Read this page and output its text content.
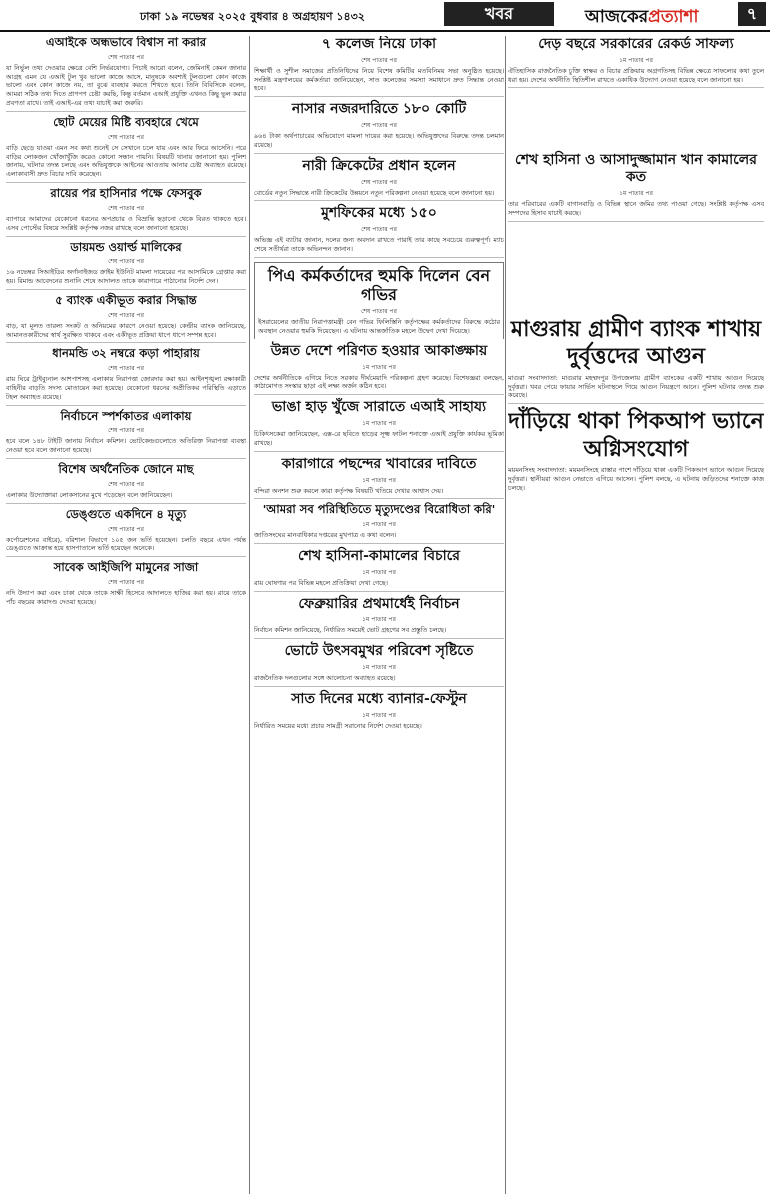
ঢাকা ১৯ নভেম্বর ২০২৫ বুধবার ৪ অগ্রহায়ণ ১৪৩২	খবর	আজকেরপ্রত্যাশা	৭
এআইকে অন্ধভাবে বিশ্বাস না করার

শেষ পাতার পর

যা নির্ভুল তথ্য দেওয়ার ক্ষেত্রে বেশি নির্ভরযোগ্য। পিচাই আরো বলেন, জেমিনাই কেমন জানার আগ্রহ এমন যে এআই টুল খুব ভালো কাজে আসে, মানুষকে অবশ্যই টুলগুলো কোন কাজে ভালো এবং কোন কাজে নয়, তা বুঝে ব্যবহার করতে শিখতে হবে। তিনি বিবিসিকে বলেন, আমরা সঠিক তথ্য দিতে প্রাণপণ চেষ্টা করছি, কিন্তু বর্তমান এআই প্রযুক্তি এখনও কিছু ভুল করার প্রবণতা রাখে। তাই এআই-এর তথ্য যাচাই করা জরুরি।

ছোট মেয়ের মিষ্টি ব্যবহারে খেমে

শেষ পাতার পর

বাড়ি ছেড়ে যাওয়া এমন সব কথা শুনেই সে সেখানে চলে যায় এবং আর ফিরে আসেনি। পরে বাড়ির লোকজন খোঁজাখুঁজি করেও কোনো সন্ধান পায়নি। বিষয়টি থানায় জানানো হয়। পুলিশ জানায়, ঘটনার তদন্ত চলছে এবং অভিযুক্তকে আইনের আওতায় আনার চেষ্টা অব্যাহত রয়েছে। এলাকাবাসী দ্রুত বিচার দাবি করেছেন।

রায়ের পর হাসিনার পক্ষে ফেসবুক

শেষ পাতার পর

ব্যাপারে আমাদের যেকোনো ধরনের অপপ্রচার ও বিভ্রান্তি ছড়ানো থেকে বিরত থাকতে হবে। এসব পোস্টের বিষয়ে সংশ্লিষ্ট কর্তৃপক্ষ নজর রাখছে বলে জানানো হয়েছে।

ডায়মন্ড ওয়ার্ল্ড মালিকের

শেষ পাতার পর

১৬ নভেম্বর সিআইডির অর্গানাইজড ক্রাইম ইউনিট মামলা দায়েরের পর আসামিকে গ্রেপ্তার করা হয়। রিমান্ড আবেদনের শুনানি শেষে আদালত তাকে কারাগারে পাঠানোর নির্দেশ দেন।

৫ ব্যাংক একীভূত করার সিদ্ধান্ত

শেষ পাতার পর

বাড়, যা মূলত তারল্য সংকট ও অনিয়মের কারণে নেওয়া হয়েছে। কেন্দ্রীয় ব্যাংক জানিয়েছে, আমানতকারীদের স্বার্থ সুরক্ষিত থাকবে এবং একীভূত প্রক্রিয়া ধাপে ধাপে সম্পন্ন হবে।

ধানমন্ডি ৩২ নম্বরে কড়া পাহারায়

শেষ পাতার পর

রায় ঘিরে ট্রাইব্যুনাল আশপাশসহ এলাকায় নিরাপত্তা জোরদার করা হয়। আইনশৃঙ্খলা রক্ষাকারী বাহিনীর বাড়তি সদস্য মোতায়েন করা হয়েছে। যেকোনো ধরনের অপ্রীতিকর পরিস্থিতি এড়াতে টহল অব্যাহত রয়েছে।

নির্বাচনে স্পর্শকাতর এলাকায়

শেষ পাতার পর

হবে বলে ১৪৮ টাইটি জানায় নির্বাচন কমিশন। ভোটকেন্দ্রগুলোতে অতিরিক্ত নিরাপত্তা ব্যবস্থা নেওয়া হবে বলে জানানো হয়েছে।

বিশেষ অর্থনৈতিক জোনে মাছ

শেষ পাতার পর

এলাকার উদ্যোক্তারা লোকসানের মুখে পড়েছেন বলে জানিয়েছেন।

ডেঙ্গুতে একদিনে ৪ মৃত্যু

শেষ পাতার পর

কর্পোরেশনের বাইরে), বরিশাল বিভাগে ১০৫ জন ভর্তি হয়েছেন। চলতি বছরে এখন পর্যন্ত ডেঙ্গুতে আক্রান্ত হয়ে হাসপাতালে ভর্তি হয়েছেন অনেকে।

সাবেক আইজিপি মামুনের সাজা

শেষ পাতার পর

নদি উদ্যাপ করা এবং চাকা থেকে তাকে সাক্ষী হিসেবে আদালতে হাজির করা হয়। রায়ে তাকে পাঁচ বছরের কারাদণ্ড দেওয়া হয়েছে।

৭ কলেজ নিয়ে ঢাকা

শেষ পাতার পর

শিক্ষার্থী ও সুশীল সমাজের প্রতিনিধিদের নিয়ে বিশেষ কমিটির মতবিনিময় সভা অনুষ্ঠিত হয়েছে। সংশ্লিষ্ট মন্ত্রণালয়ের কর্মকর্তারা জানিয়েছেন, সাত কলেজের সমস্যা সমাধানে দ্রুত সিদ্ধান্ত নেওয়া হবে।

নাসার নজরদারিতে ১৮০ কোটি

শেষ পাতার পর

৯৬৪ টাকা অর্থপাচারের অভিযোগে মামলা দায়ের করা হয়েছে। অভিযুক্তদের বিরুদ্ধে তদন্ত চলমান রয়েছে।

নারী ক্রিকেটের প্রধান হলেন

শেষ পাতার পর

বোর্ডের নতুন সিদ্ধান্তে নারী ক্রিকেটের উন্নয়নে নতুন পরিকল্পনা নেওয়া হয়েছে বলে জানানো হয়।

মুশফিকের মধ্যে ১৫০

শেষ পাতার পর

অভিজ্ঞ এই ব্যাটার জানান, দলের জন্য অবদান রাখতে পারাই তার কাছে সবচেয়ে গুরুত্বপূর্ণ। ম্যাচ শেষে সতীর্থরা তাকে অভিনন্দন জানান।

পিএ কর্মকর্তাদের হুমকি দিলেন বেন গভির

শেষ পাতার পর

ইসরায়েলের জাতীয় নিরাপত্তামন্ত্রী বেন গভির ফিলিস্তিনি কর্তৃপক্ষের কর্মকর্তাদের বিরুদ্ধে কঠোর অবস্থান নেওয়ার হুমকি দিয়েছেন। এ ঘটনায় আন্তর্জাতিক মহলে উদ্বেগ দেখা দিয়েছে।

উন্নত দেশে পরিণত হওয়ার আকাঙ্ক্ষায়

১ম পাতার পর

দেশের অর্থনীতিকে এগিয়ে নিতে সরকার দীর্ঘমেয়াদি পরিকল্পনা গ্রহণ করেছে। বিশেষজ্ঞরা বলছেন, কাঠামোগত সংস্কার ছাড়া এই লক্ষ্য অর্জন কঠিন হবে।

ভাঙা হাড় খুঁজে সারাতে এআই সাহায্য

১ম পাতার পর

চিকিৎসকেরা জানিয়েছেন, এক্স-রে ছবিতে হাড়ের সূক্ষ্ম ফাটল শনাক্তে এআই প্রযুক্তি কার্যকর ভূমিকা রাখছে।

কারাগারে পছন্দের খাবারের দাবিতে

১ম পাতার পর

বন্দিরা অনশন শুরু করলে কারা কর্তৃপক্ষ বিষয়টি খতিয়ে দেখার আশ্বাস দেয়।

'আমরা সব পরিস্থিতিতে মৃত্যুদণ্ডের বিরোধিতা করি'

১ম পাতার পর

জাতিসংঘের মানবাধিকার দপ্তরের মুখপাত্র এ কথা বলেন।

শেখ হাসিনা-কামালের বিচারে

১ম পাতার পর

রায় ঘোষণার পর বিভিন্ন মহলে প্রতিক্রিয়া দেখা গেছে।

ফেব্রুয়ারির প্রথমার্ধেই নির্বাচন

১ম পাতার পর

নির্বাচন কমিশন জানিয়েছে, নির্ধারিত সময়েই ভোট গ্রহণের সব প্রস্তুতি চলছে।

ভোটে উৎসবমুখর পরিবেশ সৃষ্টিতে

১ম পাতার পর

রাজনৈতিক দলগুলোর সঙ্গে আলোচনা অব্যাহত রয়েছে।

সাত দিনের মধ্যে ব্যানার-ফেস্টুন

১ম পাতার পর

নির্ধারিত সময়ের মধ্যে প্রচার সামগ্রী সরানোর নির্দেশ দেওয়া হয়েছে।

দেড় বছরে সরকারের রেকর্ড সাফল্য

১ম পাতার পর

ঐতিহাসিক রাজনৈতিক চুক্তি স্বাক্ষর ও বিচার প্রক্রিয়ায় অগ্রগতিসহ বিভিন্ন ক্ষেত্রে সাফল্যের কথা তুলে ধরা হয়। দেশের অর্থনীতি স্থিতিশীল রাখতে একাধিক উদ্যোগ নেওয়া হয়েছে বলে জানানো হয়।

শেখ হাসিনা ও আসাদুজ্জামান খান কামালের কত

১ম পাতার পর

তার পরিবারের একটি বাগানবাড়ি ও বিভিন্ন স্থানে জমির তথ্য পাওয়া গেছে। সংশ্লিষ্ট কর্তৃপক্ষ এসব সম্পদের হিসাব যাচাই করছে।

মাগুরায় গ্রামীণ ব্যাংক শাখায় দুর্বৃত্তদের আগুন

মাগুরা সংবাদদাতা: মাগুরার মহম্মদপুর উপজেলায় গ্রামীণ ব্যাংকের একটি শাখায় আগুন দিয়েছে দুর্বৃত্তরা। খবর পেয়ে ফায়ার সার্ভিস ঘটনাস্থলে গিয়ে আগুন নিয়ন্ত্রণে আনে। পুলিশ ঘটনার তদন্ত শুরু করেছে।

দাঁড়িয়ে থাকা পিকআপ ভ্যানে অগ্নিসংযোগ

ময়মনসিংহ সংবাদদাতা: ময়মনসিংহে রাস্তার পাশে দাঁড়িয়ে থাকা একটি পিকআপ ভ্যানে আগুন দিয়েছে দুর্বৃত্তরা। স্থানীয়রা আগুন নেভাতে এগিয়ে আসেন। পুলিশ বলছে, এ ঘটনায় জড়িতদের শনাক্তে কাজ চলছে।
